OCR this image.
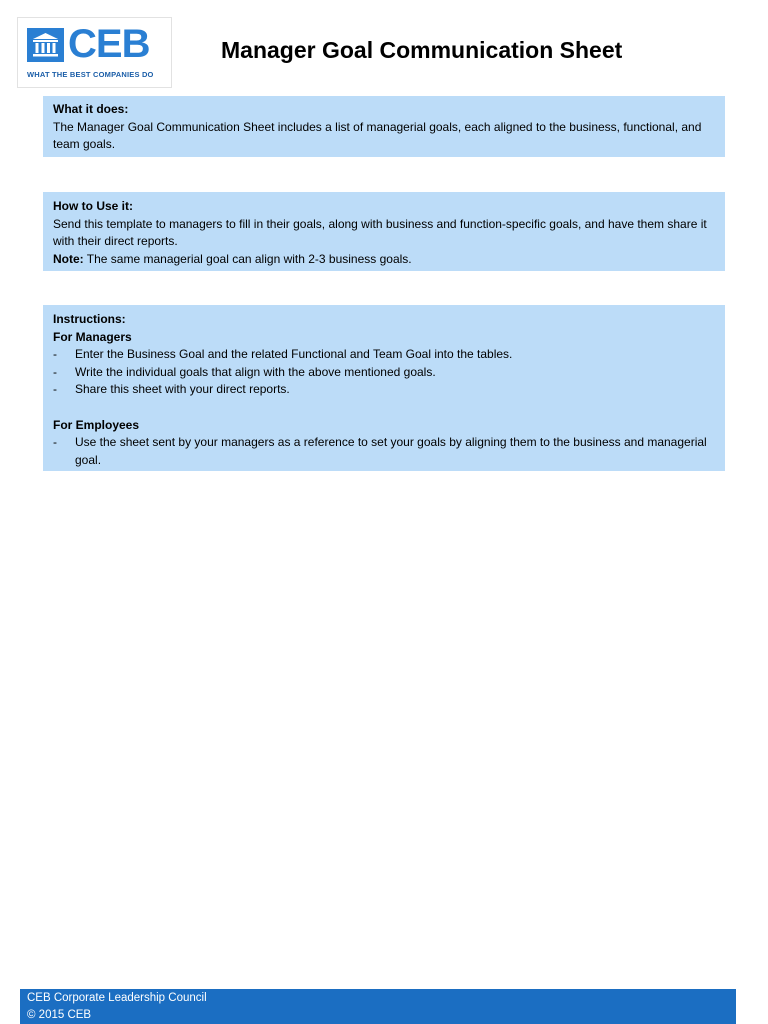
CEB
WHAT THE BEST COMPANIES DO
Manager Goal Communication Sheet

What it does:

The Manager Goal Communication Sheet includes a list of managerial goals, each aligned to the business, functional, and team goals.

How to Use it:

Send this template to managers to fill in their goals, along with business and function-specific goals, and have them share it with their direct reports.

Note: The same managerial goal can align with 2-3 business goals.

Instructions:

For Managers

- Enter the Business Goal and the related Functional and Team Goal into the tables.

- Write the individual goals that align with the above mentioned goals.

- Share this sheet with your direct reports.

For Employees

- Use the sheet sent by your managers as a reference to set your goals by aligning them to the business and managerial goal.

CEB Corporate Leadership Council
© 2015 CEB
